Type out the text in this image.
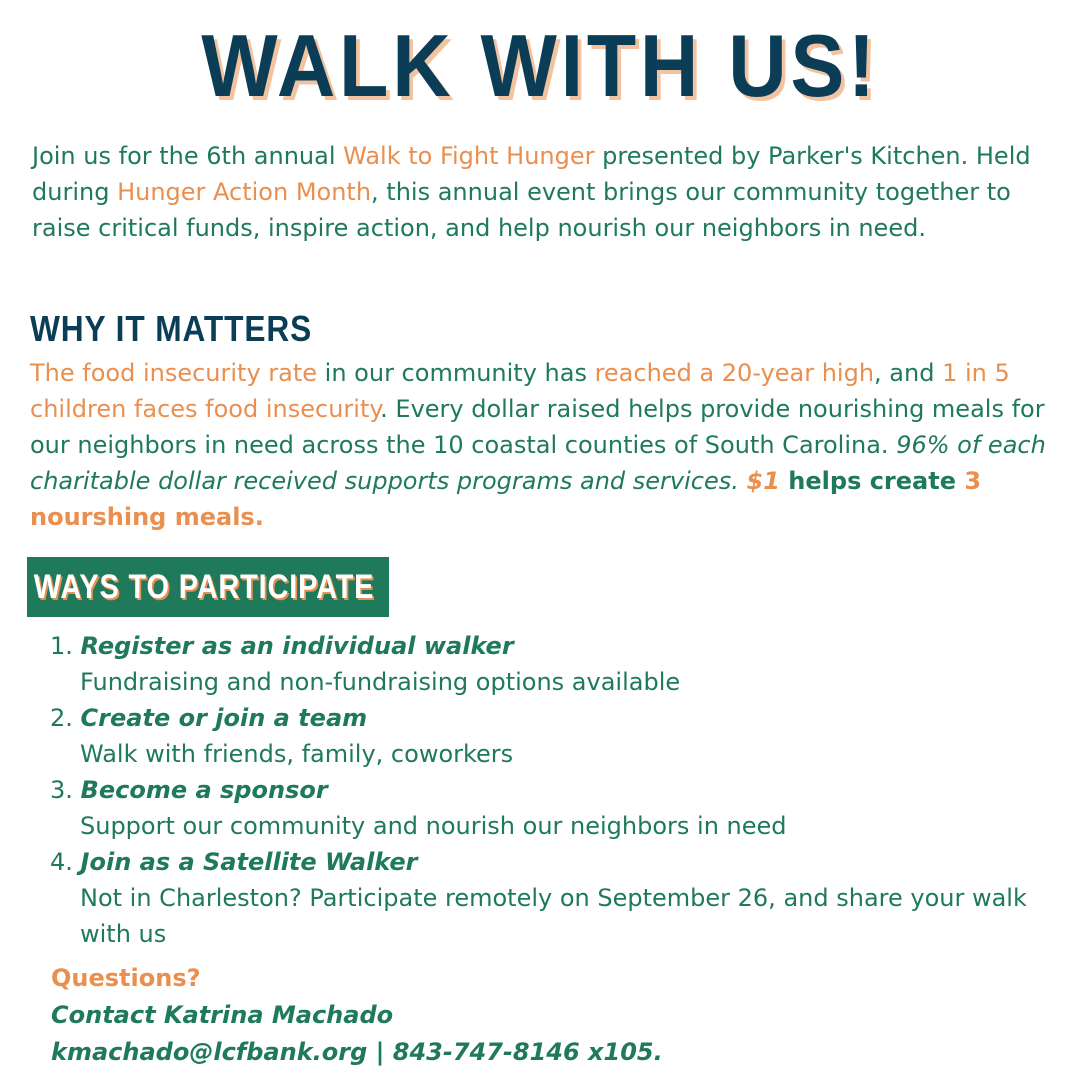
WALK WITH US!
Join us for the 6th annual Walk to Fight Hunger presented by Parker's Kitchen. Held during Hunger Action Month, this annual event brings our community together to raise critical funds, inspire action, and help nourish our neighbors in need.
WHY IT MATTERS
The food insecurity rate in our community has reached a 20-year high, and 1 in 5 children faces food insecurity. Every dollar raised helps provide nourishing meals for our neighbors in need across the 10 coastal counties of South Carolina. 96% of each charitable dollar received supports programs and services. $1 helps create 3 nourshing meals.
WAYS TO PARTICIPATE
1. Register as an individual walker
Fundraising and non-fundraising options available
2. Create or join a team
Walk with friends, family, coworkers
3. Become a sponsor
Support our community and nourish our neighbors in need
4. Join as a Satellite Walker
Not in Charleston? Participate remotely on September 26, and share your walk with us
Questions?
Contact Katrina Machado
kmachado@lcfbank.org | 843-747-8146 x105.
